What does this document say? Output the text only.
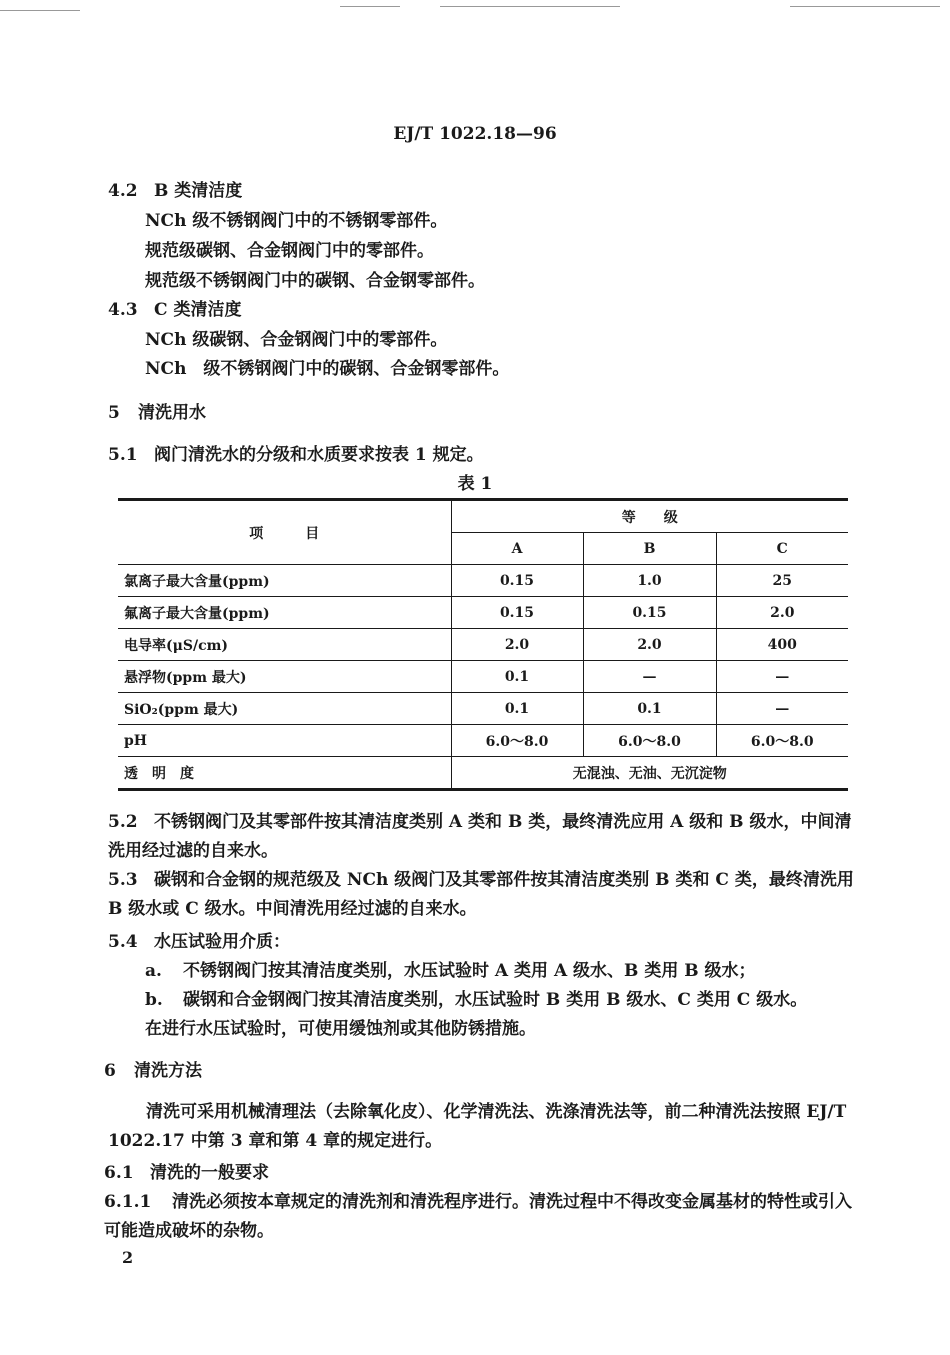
EJ/T 1022.18—96
4.2 B 类清洁度
NCh 级不锈钢阀门中的不锈钢零部件。
规范级碳钢、合金钢阀门中的零部件。
规范级不锈钢阀门中的碳钢、合金钢零部件。
4.3 C 类清洁度
NCh 级碳钢、合金钢阀门中的零部件。
NCh　级不锈钢阀门中的碳钢、合金钢零部件。
5 清洗用水
5.1 阀门清洗水的分级和水质要求按表 1 规定。
表 1
项　　　目	等　　级		
	A	B	C
氯离子最大含量(ppm)	0.15	1.0	25
氟离子最大含量(ppm)	0.15	0.15	2.0
电导率(μS/cm)	2.0	2.0	400
悬浮物(ppm 最大)	0.1	—	—
SiO₂(ppm 最大)	0.1	0.1	—
pH	6.0～8.0	6.0～8.0	6.0～8.0
透　明　度	无混浊、无油、无沉淀物		
5.2 不锈钢阀门及其零部件按其清洁度类别 A 类和 B 类，最终清洗应用 A 级和 B 级水，中间清洗用经过滤的自来水。
5.3 碳钢和合金钢的规范级及 NCh 级阀门及其零部件按其清洁度类别 B 类和 C 类，最终清洗用 B 级水或 C 级水。中间清洗用经过滤的自来水。
5.4 水压试验用介质：
a. 不锈钢阀门按其清洁度类别，水压试验时 A 类用 A 级水、B 类用 B 级水；
b. 碳钢和合金钢阀门按其清洁度类别，水压试验时 B 类用 B 级水、C 类用 C 级水。
在进行水压试验时，可使用缓蚀剂或其他防锈措施。
6 清洗方法
清洗可采用机械清理法（去除氧化皮）、化学清洗法、洗涤清洗法等，前二种清洗法按照 EJ/T 1022.17 中第 3 章和第 4 章的规定进行。
6.1 清洗的一般要求
6.1.1 清洗必须按本章规定的清洗剂和清洗程序进行。清洗过程中不得改变金属基材的特性或引入可能造成破坏的杂物。
2
